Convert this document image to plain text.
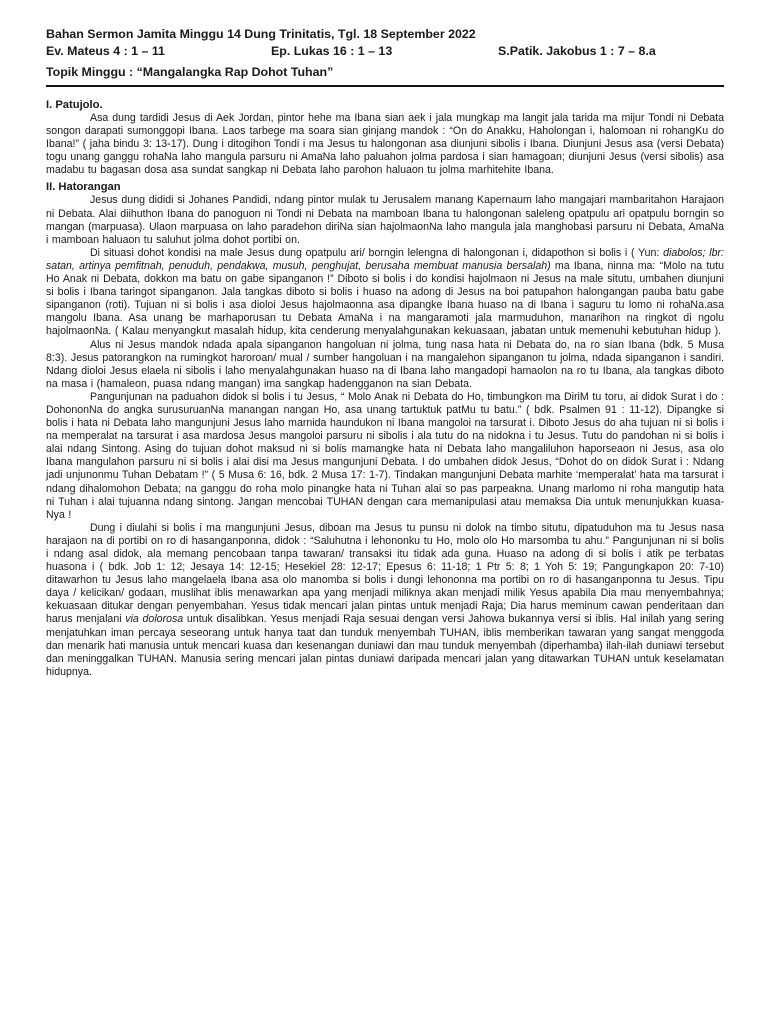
Bahan Sermon Jamita Minggu 14 Dung Trinitatis, Tgl. 18 September 2022
Ev. Mateus 4 : 1 – 11	Ep. Lukas 16 : 1 – 13	S.Patik. Jakobus 1 : 7 – 8.a
Topik Minggu : “Mangalangka Rap Dohot Tuhan”

I. Patujolo.

Asa dung tardidi Jesus di Aek Jordan, pintor hehe ma Ibana sian aek i jala mungkap ma langit jala tarida ma mijur Tondi ni Debata songon darapati sumonggopi Ibana. Laos tarbege ma soara sian ginjang mandok : “On do Anakku, Haholongan i, halomoan ni rohangKu do Ibana!” ( jaha bindu 3: 13-17). Dung i ditogihon Tondi i ma Jesus tu halongonan asa diunjuni sibolis i Ibana. Diunjuni Jesus asa (versi Debata) togu unang ganggu rohaNa laho mangula parsuru ni AmaNa laho paluahon jolma pardosa i sian hamagoan; diunjuni Jesus (versi sibolis) asa madabu tu bagasan dosa asa sundat sangkap ni Debata laho parohon haluaon tu jolma marhitehite Ibana.

II. Hatorangan

Jesus dung dididi si Johanes Pandidi, ndang pintor mulak tu Jerusalem manang Kapernaum laho mangajari mambaritahon Harajaon ni Debata. Alai diihuthon Ibana do panoguon ni Tondi ni Debata na mamboan Ibana tu halongonan saleleng opatpulu ari opatpulu borngin so mangan (marpuasa). Ulaon marpuasa on laho paradehon diriNa sian hajolmaonNa laho mangula jala manghobasi parsuru ni Debata, AmaNa i mamboan haluaon tu saluhut jolma dohot portibi on.

Di situasi dohot kondisi na male Jesus dung opatpulu ari/ borngin lelengna di halongonan i, didapothon si bolis i ( Yun: diabolos; lbr: satan, artinya pemfitnah, penuduh, pendakwa, musuh, penghujat, berusaha membuat manusia bersalah) ma Ibana, ninna ma: “Molo na tutu Ho Anak ni Debata, dokkon ma batu on gabe sipanganon !” Diboto si bolis i do kondisi hajolmaon ni Jesus na male situtu, umbahen diunjuni si bolis i Ibana taringot sipanganon. Jala tangkas diboto si bolis i huaso na adong di Jesus na boi patupahon halongangan pauba batu gabe sipanganon (roti). Tujuan ni si bolis i asa dioloi Jesus hajolmaonna asa dipangke Ibana huaso na di Ibana i saguru tu lomo ni rohaNa.asa mangolu Ibana. Asa unang be marhaporusan tu Debata AmaNa i na mangaramoti jala marmuduhon, manarihon na ringkot di ngolu hajolmaonNa. ( Kalau menyangkut masalah hidup, kita cenderung menyalahgunakan kekuasaan, jabatan untuk memenuhi kebutuhan hidup ).

Alus ni Jesus mandok ndada apala sipanganon hangoluan ni jolma, tung nasa hata ni Debata do, na ro sian Ibana (bdk. 5 Musa 8:3). Jesus patorangkon na rumingkot haroroan/ mual / sumber hangoluan i na mangalehon sipanganon tu jolma, ndada sipanganon i sandiri. Ndang dioloi Jesus elaela ni sibolis i laho menyalahgunakan huaso na di Ibana laho mangadopi hamaolon na ro tu Ibana, ala tangkas diboto na masa i (hamaleon, puasa ndang mangan) ima sangkap hadengganon na sian Debata.

Pangunjunan na paduahon didok si bolis i tu Jesus, “ Molo Anak ni Debata do Ho, timbungkon ma DiriM tu toru, ai didok Surat i do : DohononNa do angka surusuruanNa manangan nangan Ho, asa unang tartuktuk patMu tu batu.” ( bdk. Psalmen 91 : 11-12). Dipangke si bolis i hata ni Debata laho mangunjuni Jesus laho marnida haundukon ni Ibana mangoloi na tarsurat i. Diboto Jesus do aha tujuan ni si bolis i na memperalat na tarsurat i asa mardosa Jesus mangoloi parsuru ni sibolis i ala tutu do na nidokna i tu Jesus. Tutu do pandohan ni si bolis i alai ndang Sintong. Asing do tujuan dohot maksud ni si bolis mamangke hata ni Debata laho mangaliluhon haporseaon ni Jesus, asa olo Ibana mangulahon parsuru ni si bolis i alai disi ma Jesus mangunjuni Debata. I do umbahen didok Jesus, “Dohot do on didok Surat i : Ndang jadi unjunonmu Tuhan Debatam !” ( 5 Musa 6: 16, bdk. 2 Musa 17: 1-7). Tindakan mangunjuni Debata marhite ‘memperalat’ hata ma tarsurat i ndang dihalomohon Debata; na ganggu do roha molo pinangke hata ni Tuhan alai so pas parpeakna. Unang marlomo ni roha mangutip hata ni Tuhan i alai tujuanna ndang sintong. Jangan mencobai TUHAN dengan cara memanipulasi atau memaksa Dia untuk menunjukkan kuasa-Nya !

Dung i diulahi si bolis i ma mangunjuni Jesus, diboan ma Jesus tu punsu ni dolok na timbo situtu, dipatuduhon ma tu Jesus nasa harajaon na di portibi on ro di hasanganponna, didok : “Saluhutna i lehononku tu Ho, molo olo Ho marsomba tu ahu.” Pangunjunan ni si bolis i ndang asal didok, ala memang pencobaan tanpa tawaran/ transaksi itu tidak ada guna. Huaso na adong di si bolis i atik pe terbatas huasona i ( bdk. Job 1: 12; Jesaya 14: 12-15; Hesekiel 28: 12-17; Epesus 6: 11-18; 1 Ptr 5: 8; 1 Yoh 5: 19; Pangungkapon 20: 7-10) ditawarhon tu Jesus laho mangelaela Ibana asa olo manomba si bolis i dungi lehononna ma portibi on ro di hasanganponna tu Jesus. Tipu daya / kelicikan/ godaan, muslihat iblis menawarkan apa yang menjadi miliknya akan menjadi milik Yesus apabila Dia mau menyembahnya; kekuasaan ditukar dengan penyembahan. Yesus tidak mencari jalan pintas untuk menjadi Raja; Dia harus meminum cawan penderitaan dan harus menjalani via dolorosa untuk disalibkan. Yesus menjadi Raja sesuai dengan versi Jahowa bukannya versi si iblis. Hal inilah yang sering menjatuhkan iman percaya seseorang untuk hanya taat dan tunduk menyembah TUHAN, iblis memberikan tawaran yang sangat menggoda dan menarik hati manusia untuk mencari kuasa dan kesenangan duniawi dan mau tunduk menyembah (diperhamba) ilah-ilah duniawi tersebut dan meninggalkan TUHAN. Manusia sering mencari jalan pintas duniawi daripada mencari jalan yang ditawarkan TUHAN untuk keselamatan hidupnya.
